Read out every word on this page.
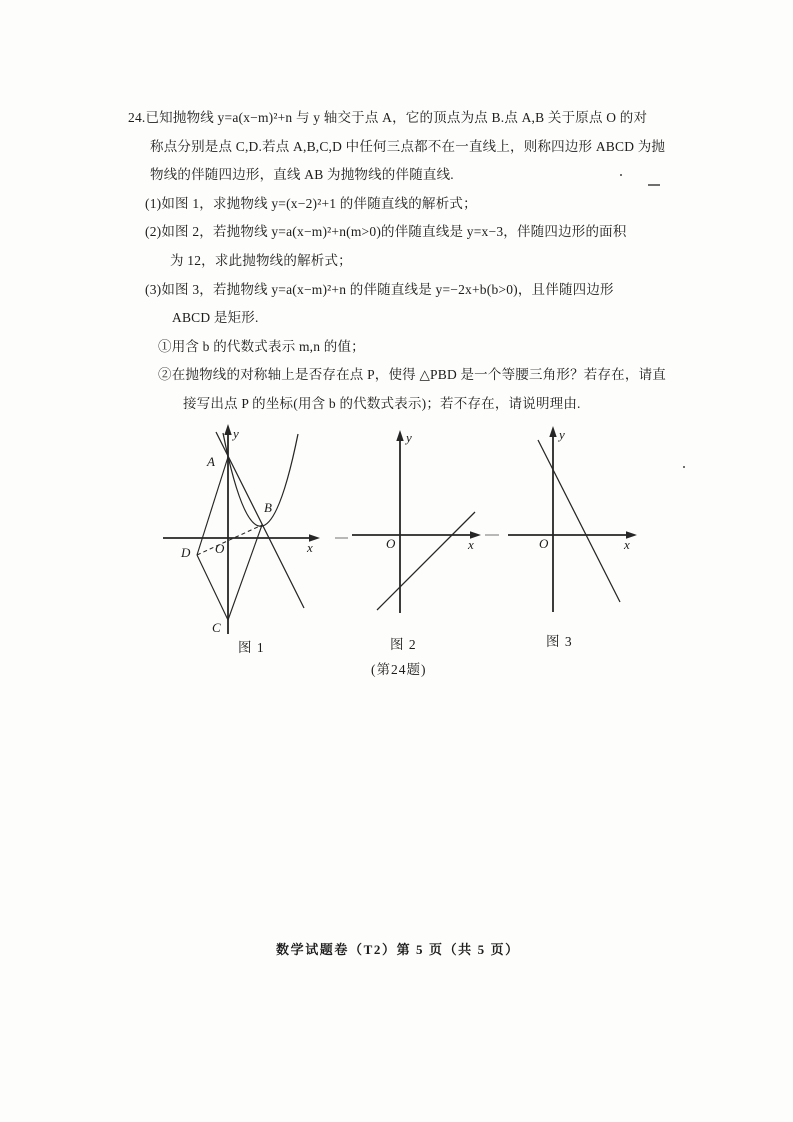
24.已知抛物线 y=a(x−m)²+n 与 y 轴交于点 A，它的顶点为点 B.点 A,B 关于原点 O 的对
称点分别是点 C,D.若点 A,B,C,D 中任何三点都不在一直线上，则称四边形 ABCD 为抛
物线的伴随四边形，直线 AB 为抛物线的伴随直线.
(1)如图 1，求抛物线 y=(x−2)²+1 的伴随直线的解析式；
(2)如图 2，若抛物线 y=a(x−m)²+n(m>0)的伴随直线是 y=x−3，伴随四边形的面积
为 12，求此抛物线的解析式；
(3)如图 3，若抛物线 y=a(x−m)²+n 的伴随直线是 y=−2x+b(b>0)，且伴随四边形
ABCD 是矩形.
①用含 b 的代数式表示 m,n 的值；
②在抛物线的对称轴上是否存在点 P，使得 △PBD 是一个等腰三角形？若存在，请直
接写出点 P 的坐标(用含 b 的代数式表示)；若不存在，请说明理由.
y
x
O
A
B
C
D
y
x
O
y
x
O
图 1	图 2	图 3
(第24题)
数学试题卷（T2）第 5 页（共 5 页）
